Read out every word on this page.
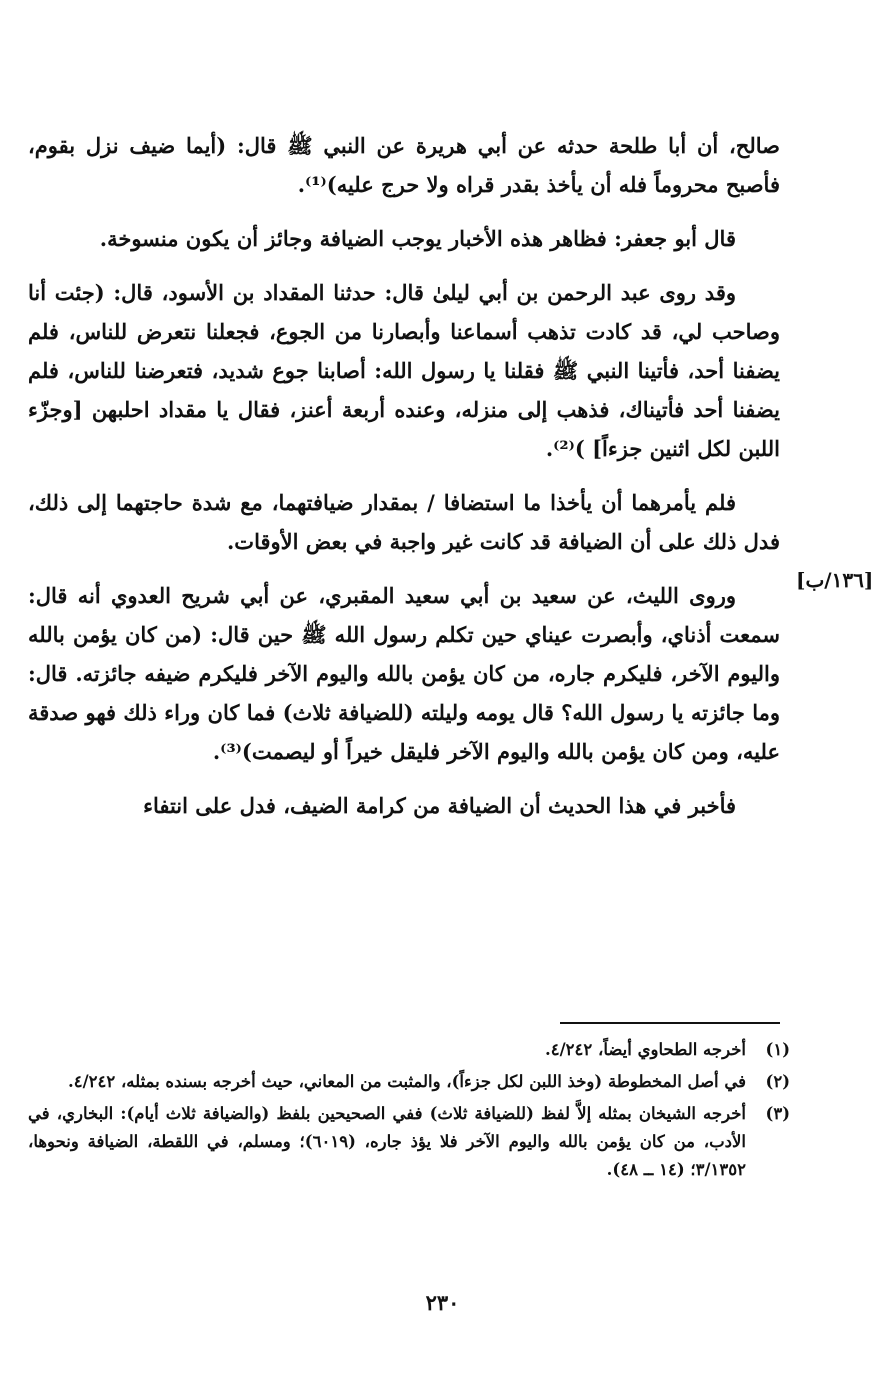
[١٣٦/ب]

صالح، أن أبا طلحة حدثه عن أبي هريرة عن النبي ﷺ قال: (أيما ضيف نزل بقوم، فأصبح محروماً فله أن يأخذ بقدر قراه ولا حرج عليه)⁽¹⁾.

قال أبو جعفر: فظاهر هذه الأخبار يوجب الضيافة وجائز أن يكون منسوخة.

وقد روى عبد الرحمن بن أبي ليلىٰ قال: حدثنا المقداد بن الأسود، قال: (جئت أنا وصاحب لي، قد كادت تذهب أسماعنا وأبصارنا من الجوع، فجعلنا نتعرض للناس، فلم يضفنا أحد، فأتينا النبي ﷺ فقلنا يا رسول الله: أصابنا جوع شديد، فتعرضنا للناس، فلم يضفنا أحد فأتيناك، فذهب إلى منزله، وعنده أربعة أعنز، فقال يا مقداد احلبهن [وجزّء اللبن لكل اثنين جزءاً] )⁽²⁾.

فلم يأمرهما أن يأخذا ما استضافا / بمقدار ضيافتهما، مع شدة حاجتهما إلى ذلك، فدل ذلك على أن الضيافة قد كانت غير واجبة في بعض الأوقات.

وروى الليث، عن سعيد بن أبي سعيد المقبري، عن أبي شريح العدوي أنه قال: سمعت أذناي، وأبصرت عيناي حين تكلم رسول الله ﷺ حين قال: (من كان يؤمن بالله واليوم الآخر، فليكرم جاره، من كان يؤمن بالله واليوم الآخر فليكرم ضيفه جائزته. قال: وما جائزته يا رسول الله؟ قال يومه وليلته (للضيافة ثلاث) فما كان وراء ذلك فهو صدقة عليه، ومن كان يؤمن بالله واليوم الآخر فليقل خيراً أو ليصمت)⁽³⁾.

فأخبر في هذا الحديث أن الضيافة من كرامة الضيف، فدل على انتفاء

(١)
أخرجه الطحاوي أيضاً، ٤/٢٤٢.
(٢)
في أصل المخطوطة (وخذ اللبن لكل جزءاً)، والمثبت من المعاني، حيث أخرجه بسنده بمثله، ٤/٢٤٢.
(٣)
أخرجه الشيخان بمثله إلاَّ لفظ (للضيافة ثلاث) ففي الصحيحين بلفظ (والضيافة ثلاث أيام): البخاري، في الأدب، من كان يؤمن بالله واليوم الآخر فلا يؤذ جاره، (٦٠١٩)؛ ومسلم، في اللقطة، الضيافة ونحوها، ٣/١٣٥٢؛ (١٤ ــ ٤٨).
٢٣٠
